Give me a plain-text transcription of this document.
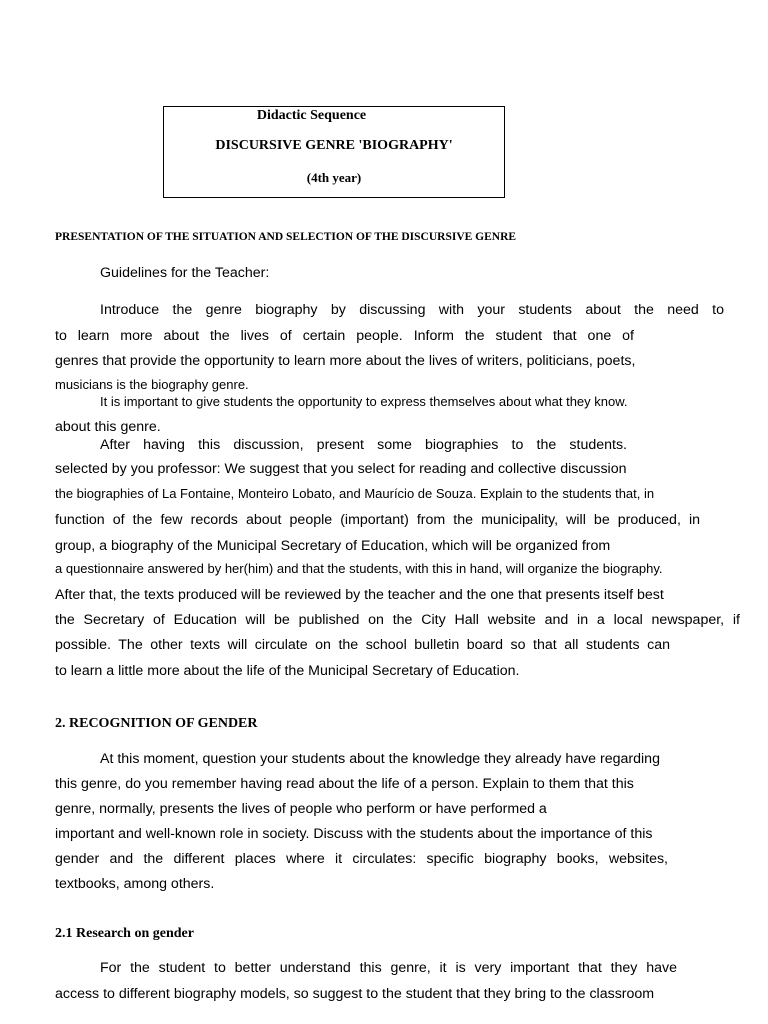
Didactic Sequence
DISCURSIVE GENRE 'BIOGRAPHY'
(4th year)
PRESENTATION OF THE SITUATION AND SELECTION OF THE DISCURSIVE GENRE
Guidelines for the Teacher:
Introduce the genre biography by discussing with your students about the need to
to learn more about the lives of certain people. Inform the student that one of
genres that provide the opportunity to learn more about the lives of writers, politicians, poets,
musicians is the biography genre.
It is important to give students the opportunity to express themselves about what they know.
about this genre.
After having this discussion, present some biographies to the students.
selected by you professor: We suggest that you select for reading and collective discussion
the biographies of La Fontaine, Monteiro Lobato, and Maurício de Souza. Explain to the students that, in
function of the few records about people (important) from the municipality, will be produced, in
group, a biography of the Municipal Secretary of Education, which will be organized from
a questionnaire answered by her(him) and that the students, with this in hand, will organize the biography.
After that, the texts produced will be reviewed by the teacher and the one that presents itself best
the Secretary of Education will be published on the City Hall website and in a local newspaper, if
possible. The other texts will circulate on the school bulletin board so that all students can
to learn a little more about the life of the Municipal Secretary of Education.
2. RECOGNITION OF GENDER
At this moment, question your students about the knowledge they already have regarding
this genre, do you remember having read about the life of a person. Explain to them that this
genre, normally, presents the lives of people who perform or have performed a
important and well-known role in society. Discuss with the students about the importance of this
gender and the different places where it circulates: specific biography books, websites,
textbooks, among others.
2.1 Research on gender
For the student to better understand this genre, it is very important that they have
access to different biography models, so suggest to the student that they bring to the classroom
